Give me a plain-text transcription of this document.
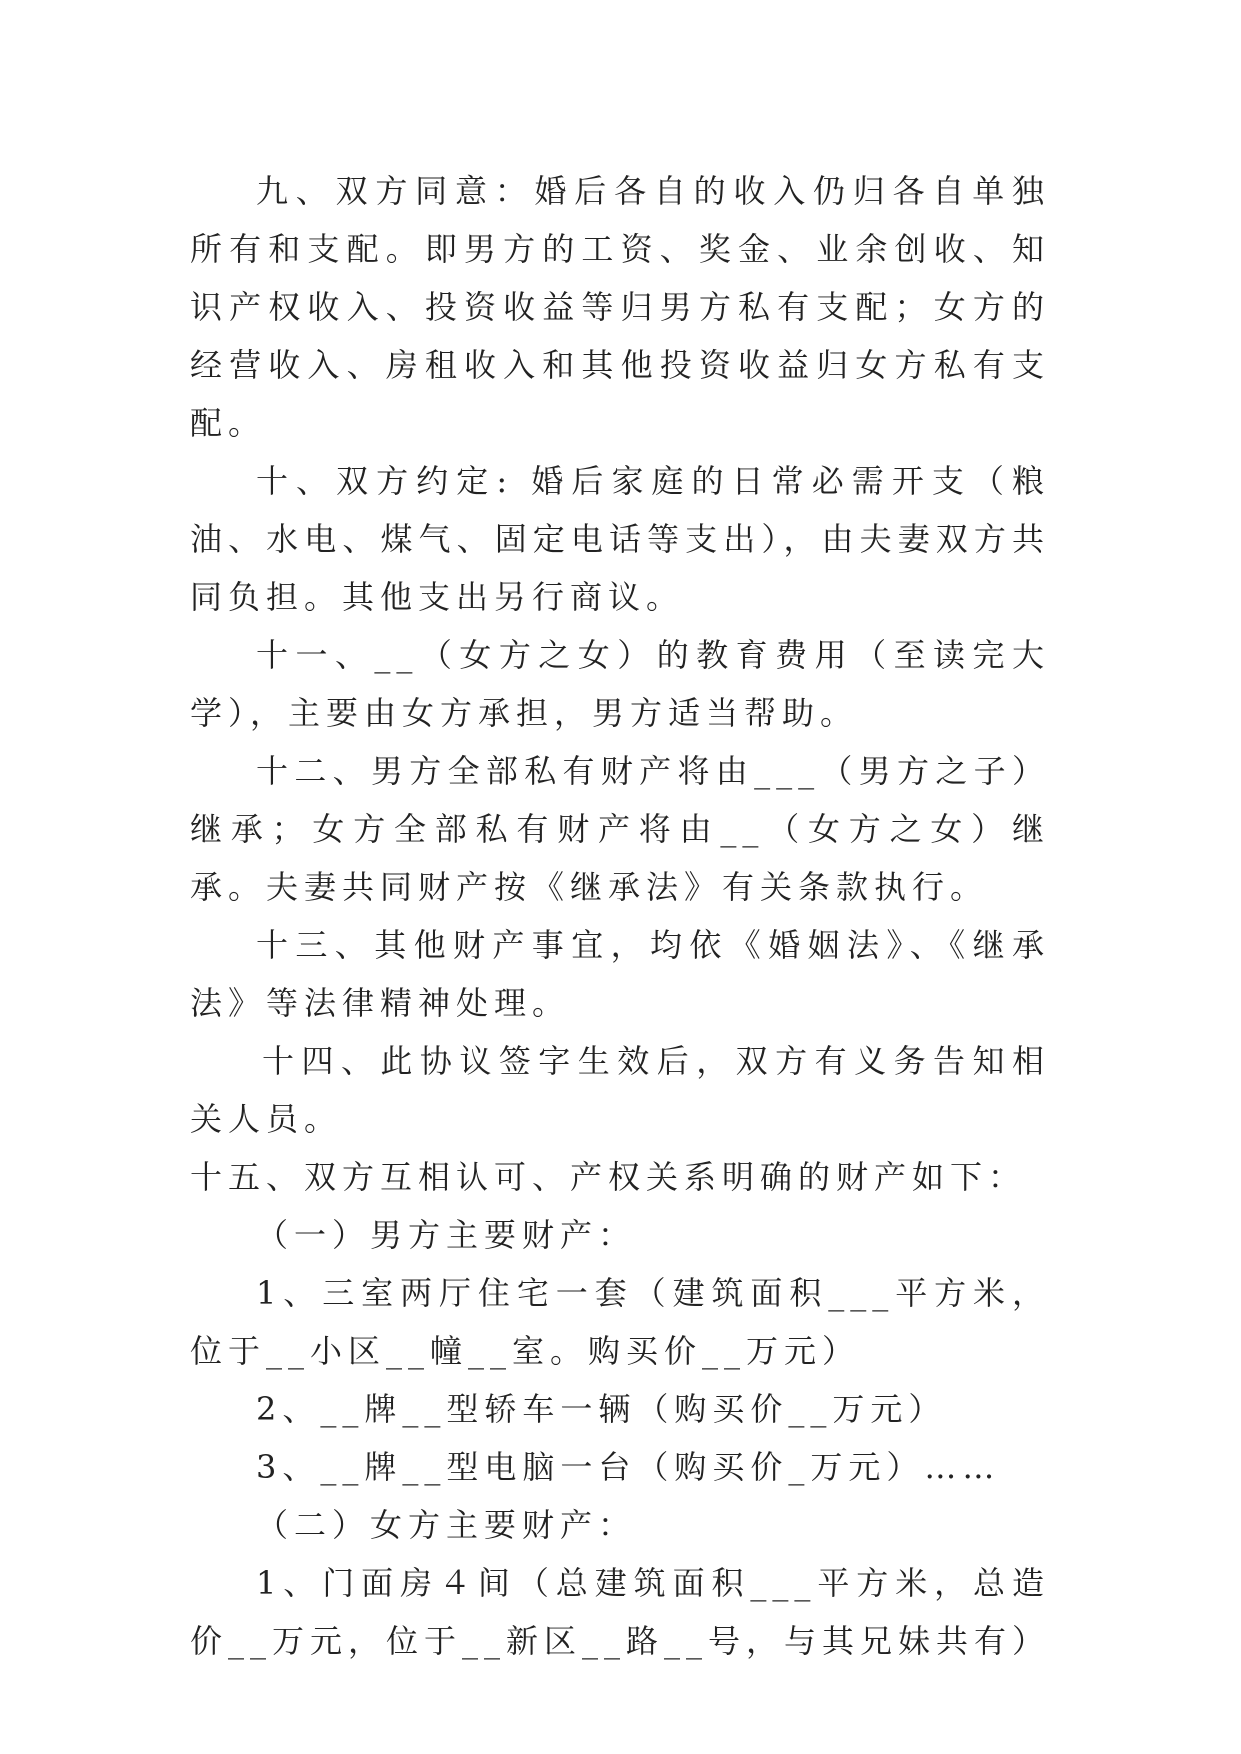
九、双方同意：婚后各自的收入仍归各自单独所有和支配。即男方的工资、奖金、业余创收、知识产权收入、投资收益等归男方私有支配；女方的经营收入、房租收入和其他投资收益归女方私有支配。

十、双方约定: 婚后家庭的日常必需开支（粮油、水电、煤气、固定电话等支出），由夫妻双方共同负担。其他支出另行商议。

十一、__（女方之女）的教育费用（至读完大学），主要由女方承担，男方适当帮助。

十二、男方全部私有财产将由___（男方之子）继承；女方全部私有财产将由__（女方之女）继承。夫妻共同财产按《继承法》有关条款执行。

十三、其他财产事宜，均依《婚姻法》、《继承法》等法律精神处理。

十四、此协议签字生效后，双方有义务告知相关人员。

十五、双方互相认可、产权关系明确的财产如下：

（一）男方主要财产：

1、三室两厅住宅一套（建筑面积___平方米，位于__小区__幢__室。购买价__万元）

2、__牌__型轿车一辆（购买价__万元）

3、__牌__型电脑一台（购买价_万元）……

（二）女方主要财产：

1、门面房４间（总建筑面积___平方米，总造价__万元，位于__新区__路__号，与其兄妹共有）
